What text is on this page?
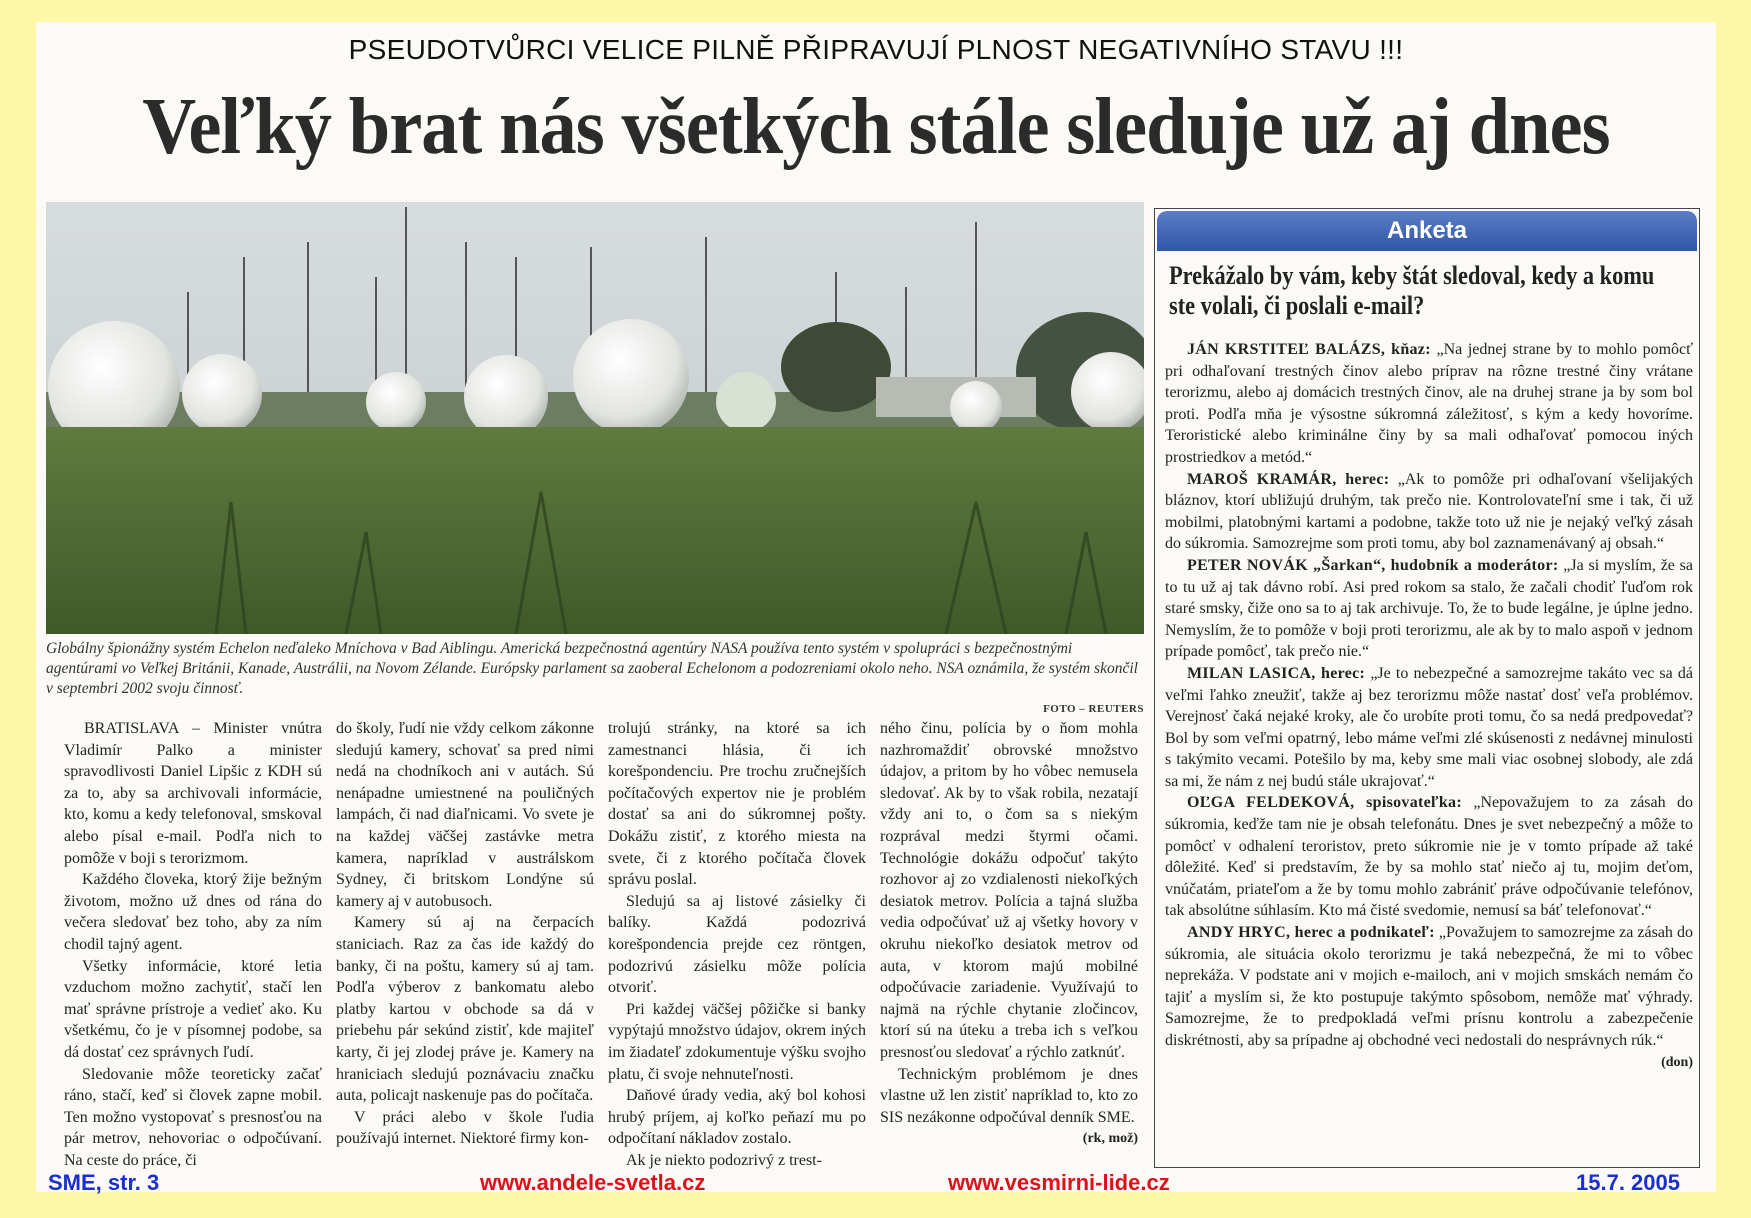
PSEUDOTVŮRCI VELICE PILNĚ PŘIPRAVUJÍ PLNOST NEGATIVNÍHO STAVU !!!
Veľký brat nás všetkých stále sleduje už aj dnes
Globálny špionážny systém Echelon neďaleko Mníchova v Bad Aiblingu. Americká bezpečnostná agentúry NASA používa tento systém v spolupráci s bezpečnostnými agentúrami vo Veľkej Británii, Kanade, Austrálii, na Novom Zélande. Európsky parlament sa zaoberal Echelonom a podozreniami okolo neho. NSA oznámila, že systém skončil v septembri 2002 svoju činnosť.
FOTO – REUTERS

BRATISLAVA – Minister vnútra Vladimír Palko a minister spravodlivosti Daniel Lipšic z KDH sú za to, aby sa archivovali informácie, kto, komu a kedy telefonoval, smskoval alebo písal e-mail. Podľa nich to pomôže v boji s terorizmom.

Každého človeka, ktorý žije bežným životom, možno už dnes od rána do večera sledovať bez toho, aby za ním chodil tajný agent.

Všetky informácie, ktoré letia vzduchom možno zachytiť, stačí len mať správne prístroje a vedieť ako. Ku všetkému, čo je v písomnej podobe, sa dá dostať cez správnych ľudí.

Sledovanie môže teoreticky začať ráno, stačí, keď si človek zapne mobil. Ten možno vystopovať s presnosťou na pár metrov, nehovoriac o odpočúvaní. Na ceste do práce, či

do školy, ľudí nie vždy celkom zákonne sledujú kamery, schovať sa pred nimi nedá na chodníkoch ani v autách. Sú nenápadne umiestnené na pouličných lampách, či nad diaľnicami. Vo svete je na každej väčšej zastávke metra kamera, napríklad v austrálskom Sydney, či britskom Londýne sú kamery aj v autobusoch.

Kamery sú aj na čerpacích staniciach. Raz za čas ide každý do banky, či na poštu, kamery sú aj tam. Podľa výberov z bankomatu alebo platby kartou v obchode sa dá v priebehu pár sekúnd zistiť, kde majiteľ karty, či jej zlodej práve je. Kamery na hraniciach sledujú poznávaciu značku auta, policajt naskenuje pas do počítača.

V práci alebo v škole ľudia používajú internet. Niektoré firmy kon-

trolujú stránky, na ktoré sa ich zamestnanci hlásia, či ich korešpondenciu. Pre trochu zručnejších počítačových expertov nie je problém dostať sa ani do súkromnej pošty. Dokážu zistiť, z ktorého miesta na svete, či z ktorého počítača človek správu poslal.

Sledujú sa aj listové zásielky či balíky. Každá podozrivá korešpondencia prejde cez röntgen, podozrivú zásielku môže polícia otvoriť.

Pri každej väčšej pôžičke si banky vypýtajú množstvo údajov, okrem iných im žiadateľ zdokumentuje výšku svojho platu, či svoje nehnuteľnosti.

Daňové úrady vedia, aký bol kohosi hrubý príjem, aj koľko peňazí mu po odpočítaní nákladov zostalo.

Ak je niekto podozrivý z trest-

ného činu, polícia by o ňom mohla nazhromaždiť obrovské množstvo údajov, a pritom by ho vôbec nemusela sledovať. Ak by to však robila, nezatají vždy ani to, o čom sa s niekým rozprával medzi štyrmi očami. Technológie dokážu odpočuť takýto rozhovor aj zo vzdialenosti niekoľkých desiatok metrov. Polícia a tajná služba vedia odpočúvať už aj všetky hovory v okruhu niekoľko desiatok metrov od auta, v ktorom majú mobilné odpočúvacie zariadenie. Využívajú to najmä na rýchle chytanie zločincov, ktorí sú na úteku a treba ich s veľkou presnosťou sledovať a rýchlo zatknúť.

Technickým problémom je dnes vlastne už len zistiť napríklad to, kto zo SIS nezákonne odpočúval denník SME.
(rk, mož)

Anketa
Prekážalo by vám, keby štát sledoval, kedy a komu ste volali, či poslali e-mail?

JÁN KRSTITEĽ BALÁZS, kňaz: „Na jednej strane by to mohlo pomôcť pri odhaľovaní trestných činov alebo príprav na rôzne trestné činy vrátane terorizmu, alebo aj domácich trestných činov, ale na druhej strane ja by som bol proti. Podľa mňa je výsostne súkromná záležitosť, s kým a kedy hovoríme. Teroristické alebo kriminálne činy by sa mali odhaľovať pomocou iných prostriedkov a metód.“

MAROŠ KRAMÁR, herec: „Ak to pomôže pri odhaľovaní všelijakých bláznov, ktorí ubližujú druhým, tak prečo nie. Kontrolovateľní sme i tak, či už mobilmi, platobnými kartami a podobne, takže toto už nie je nejaký veľký zásah do súkromia. Samozrejme som proti tomu, aby bol zaznamenávaný aj obsah.“

PETER NOVÁK „Šarkan“, hudobník a moderátor: „Ja si myslím, že sa to tu už aj tak dávno robí. Asi pred rokom sa stalo, že začali chodiť ľuďom rok staré smsky, čiže ono sa to aj tak archivuje. To, že to bude legálne, je úplne jedno. Nemyslím, že to pomôže v boji proti terorizmu, ale ak by to malo aspoň v jednom prípade pomôcť, tak prečo nie.“

MILAN LASICA, herec: „Je to nebezpečné a samozrejme takáto vec sa dá veľmi ľahko zneužiť, takže aj bez terorizmu môže nastať dosť veľa problémov. Verejnosť čaká nejaké kroky, ale čo urobíte proti tomu, čo sa nedá predpovedať? Bol by som veľmi opatrný, lebo máme veľmi zlé skúsenosti z nedávnej minulosti s takýmito vecami. Potešilo by ma, keby sme mali viac osobnej slobody, ale zdá sa mi, že nám z nej budú stále ukrajovať.“

OĽGA FELDEKOVÁ, spisovateľka: „Nepovažujem to za zásah do súkromia, keďže tam nie je obsah telefonátu. Dnes je svet nebezpečný a môže to pomôcť v odhalení teroristov, preto súkromie nie je v tomto prípade až také dôležité. Keď si predstavím, že by sa mohlo stať niečo aj tu, mojim deťom, vnúčatám, priateľom a že by tomu mohlo zabrániť práve odpočúvanie telefónov, tak absolútne súhlasím. Kto má čisté svedomie, nemusí sa báť telefonovať.“

ANDY HRYC, herec a podnikateľ: „Považujem to samozrejme za zásah do súkromia, ale situácia okolo terorizmu je taká nebezpečná, že mi to vôbec neprekáža. V podstate ani v mojich e-mailoch, ani v mojich smskách nemám čo tajiť a myslím si, že kto postupuje takýmto spôsobom, nemôže mať výhrady. Samozrejme, že to predpokladá veľmi prísnu kontrolu a zabezpečenie diskrétnosti, aby sa prípadne aj obchodné veci nedostali do nesprávnych rúk.“
(don)

SME, str. 3	www.andele-svetla.cz	www.vesmirni-lide.cz	15.7. 2005
